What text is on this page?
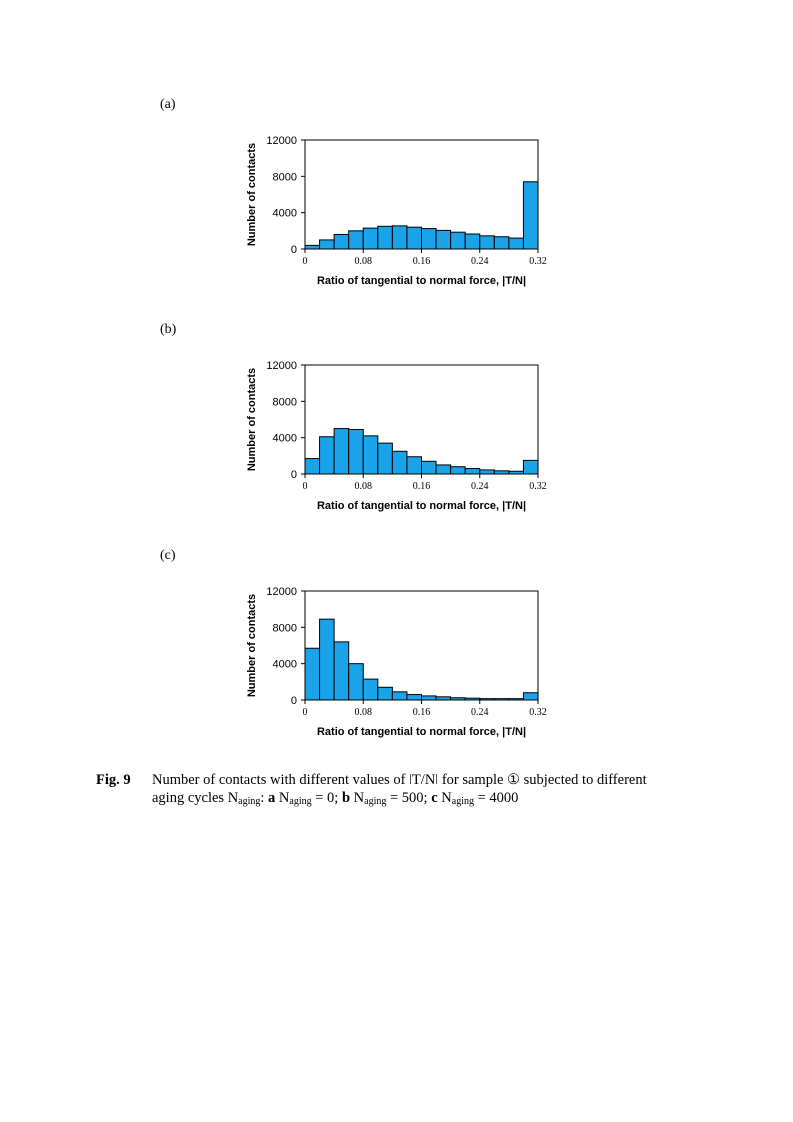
(a)
0
4000
8000
12000
0	0.08	0.16	0.24	0.32
Number of contacts
Ratio of tangential to normal force, |T/N|
(b)
0
4000
8000
12000
0	0.08	0.16	0.24	0.32
Number of contacts
Ratio of tangential to normal force, |T/N|
(c)
0
4000
8000
12000
0	0.08	0.16	0.24	0.32
Number of contacts
Ratio of tangential to normal force, |T/N|
Fig. 9 Number of contacts with different values of ǀT/Nǀ for sample ① subjected to different
aging cycles $N_{aging}$: a $N_{aging} = 0$; b $N_{aging} = 500$; c $N_{aging} = 4000$
